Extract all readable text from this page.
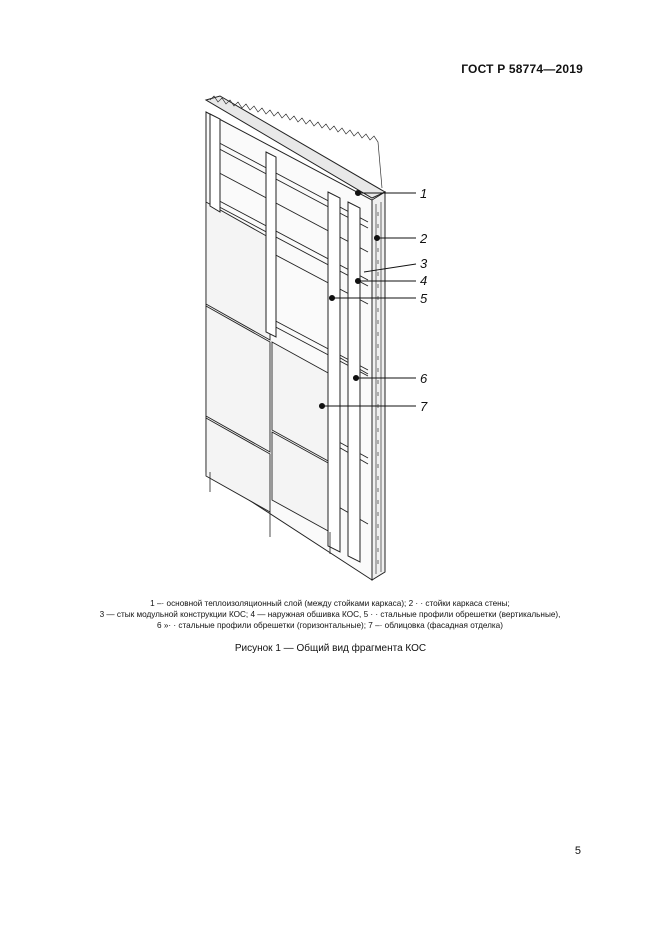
ГОСТ Р 58774—2019
1
2
3
4
5
6
7
1 –· основной теплоизоляционный слой (между стойками каркаса); 2 · · стойки каркаса стены;
3 — стык модульной конструкции КОС; 4 — наружная обшивка КОС, 5 · · стальные профили обрешетки (вертикальные),
6 »· · стальные профили обрешетки (горизонтальные); 7 –· облицовка (фасадная отделка)
Рисунок 1 — Общий вид фрагмента КОС
5
